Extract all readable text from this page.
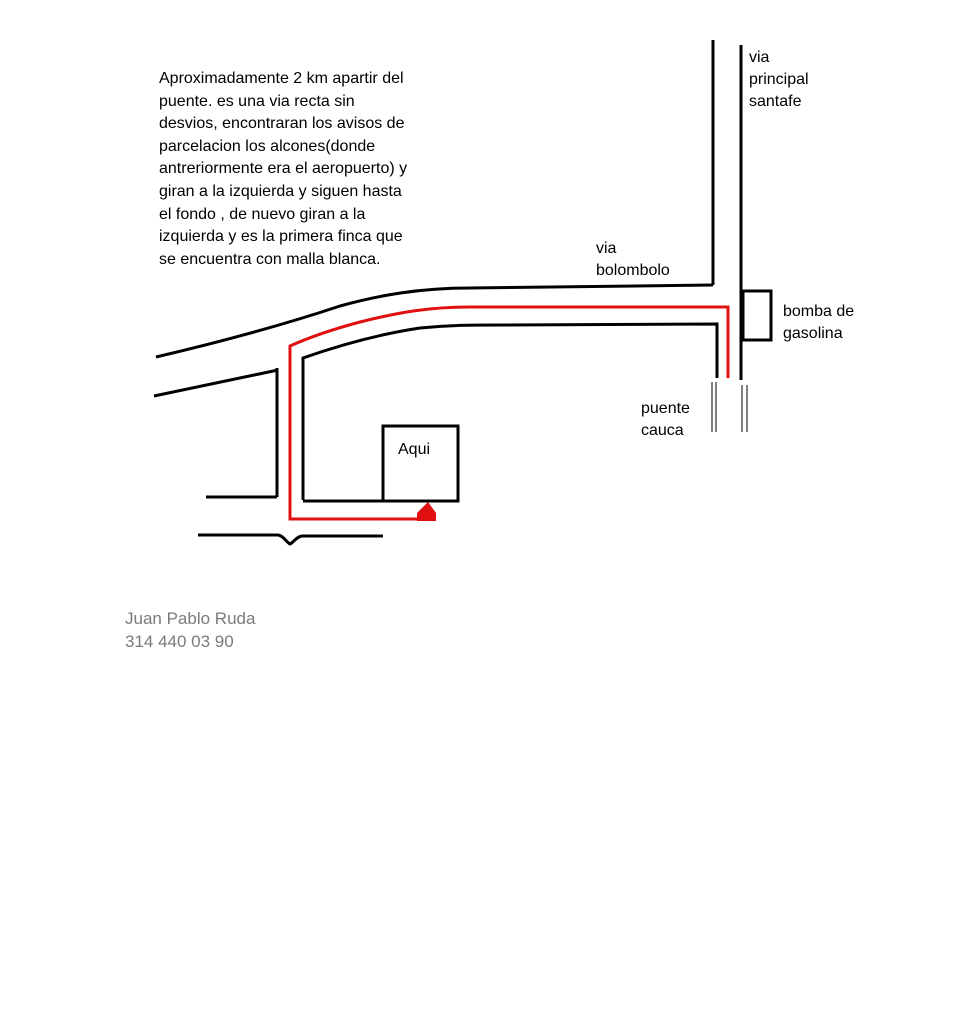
Aproximadamente 2 km apartir del
puente. es una via recta sin
desvios, encontraran los avisos de
parcelacion los alcones(donde
antreriormente era el aeropuerto) y
giran a la izquierda y siguen hasta
el fondo , de nuevo giran a la
izquierda y es la primera finca que
se encuentra con malla blanca.
via
principal
santafe
via
bolombolo
bomba de
gasolina
puente
cauca
Aqui
Juan Pablo Ruda
314 440 03 90
